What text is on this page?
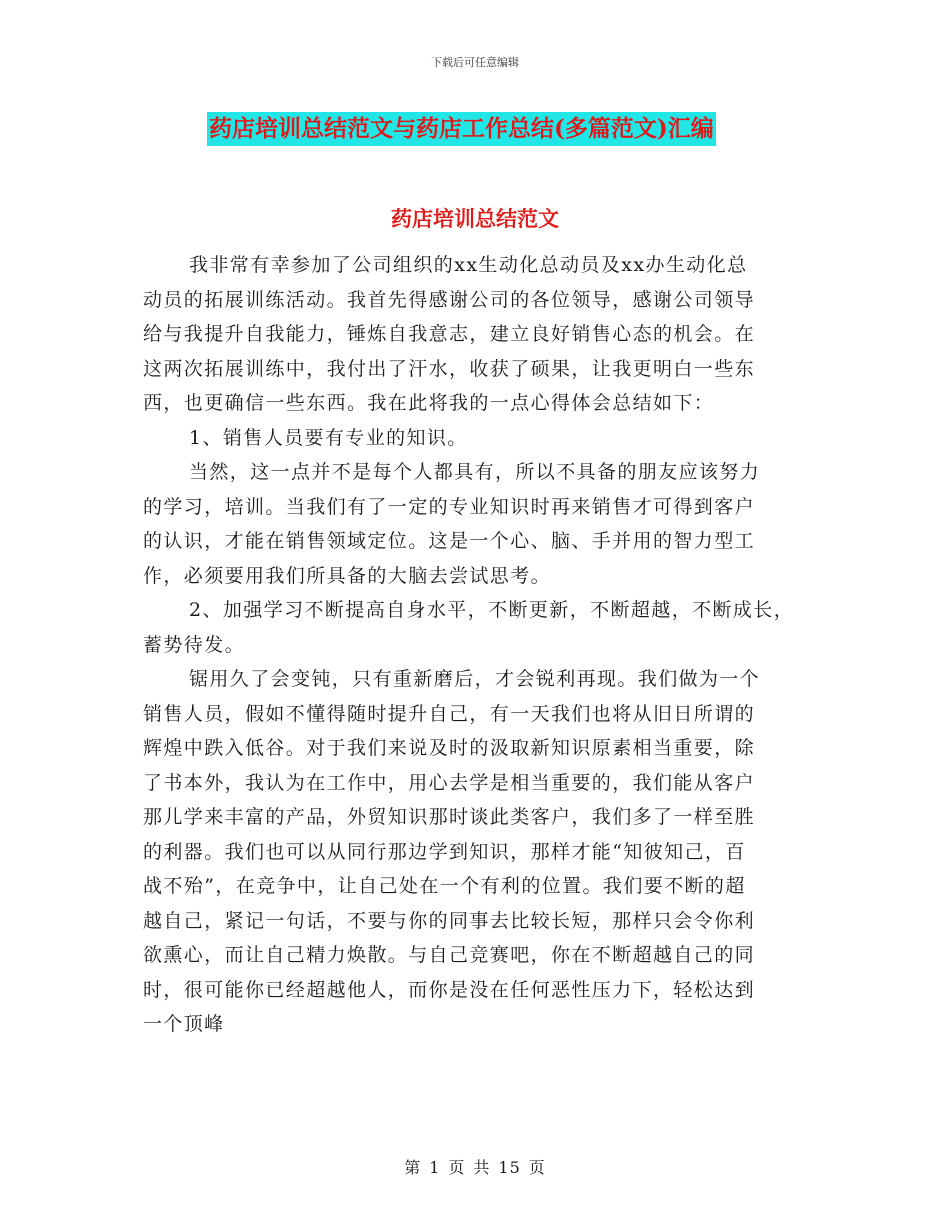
下载后可任意编辑
药店培训总结范文与药店工作总结(多篇范文)汇编
药店培训总结范文
我非常有幸参加了公司组织的xx生动化总动员及xx办生动化总
动员的拓展训练活动。我首先得感谢公司的各位领导，感谢公司领导
给与我提升自我能力，锤炼自我意志，建立良好销售心态的机会。在
这两次拓展训练中，我付出了汗水，收获了硕果，让我更明白一些东
西，也更确信一些东西。我在此将我的一点心得体会总结如下：
1、销售人员要有专业的知识。
当然，这一点并不是每个人都具有，所以不具备的朋友应该努力
的学习，培训。当我们有了一定的专业知识时再来销售才可得到客户
的认识，才能在销售领域定位。这是一个心、脑、手并用的智力型工
作，必须要用我们所具备的大脑去尝试思考。
2、加强学习不断提高自身水平，不断更新，不断超越，不断成长，
蓄势待发。
锯用久了会变钝，只有重新磨后，才会锐利再现。我们做为一个
销售人员，假如不懂得随时提升自己，有一天我们也将从旧日所谓的
辉煌中跌入低谷。对于我们来说及时的汲取新知识原素相当重要，除
了书本外，我认为在工作中，用心去学是相当重要的，我们能从客户
那儿学来丰富的产品，外贸知识那时谈此类客户，我们多了一样至胜
的利器。我们也可以从同行那边学到知识，那样才能“知彼知己，百
战不殆”，在竞争中，让自己处在一个有利的位置。我们要不断的超
越自己，紧记一句话，不要与你的同事去比较长短，那样只会令你利
欲熏心，而让自己精力焕散。与自己竞赛吧，你在不断超越自己的同
时，很可能你已经超越他人，而你是没在任何恶性压力下，轻松达到
一个顶峰
第 1 页 共 15 页
